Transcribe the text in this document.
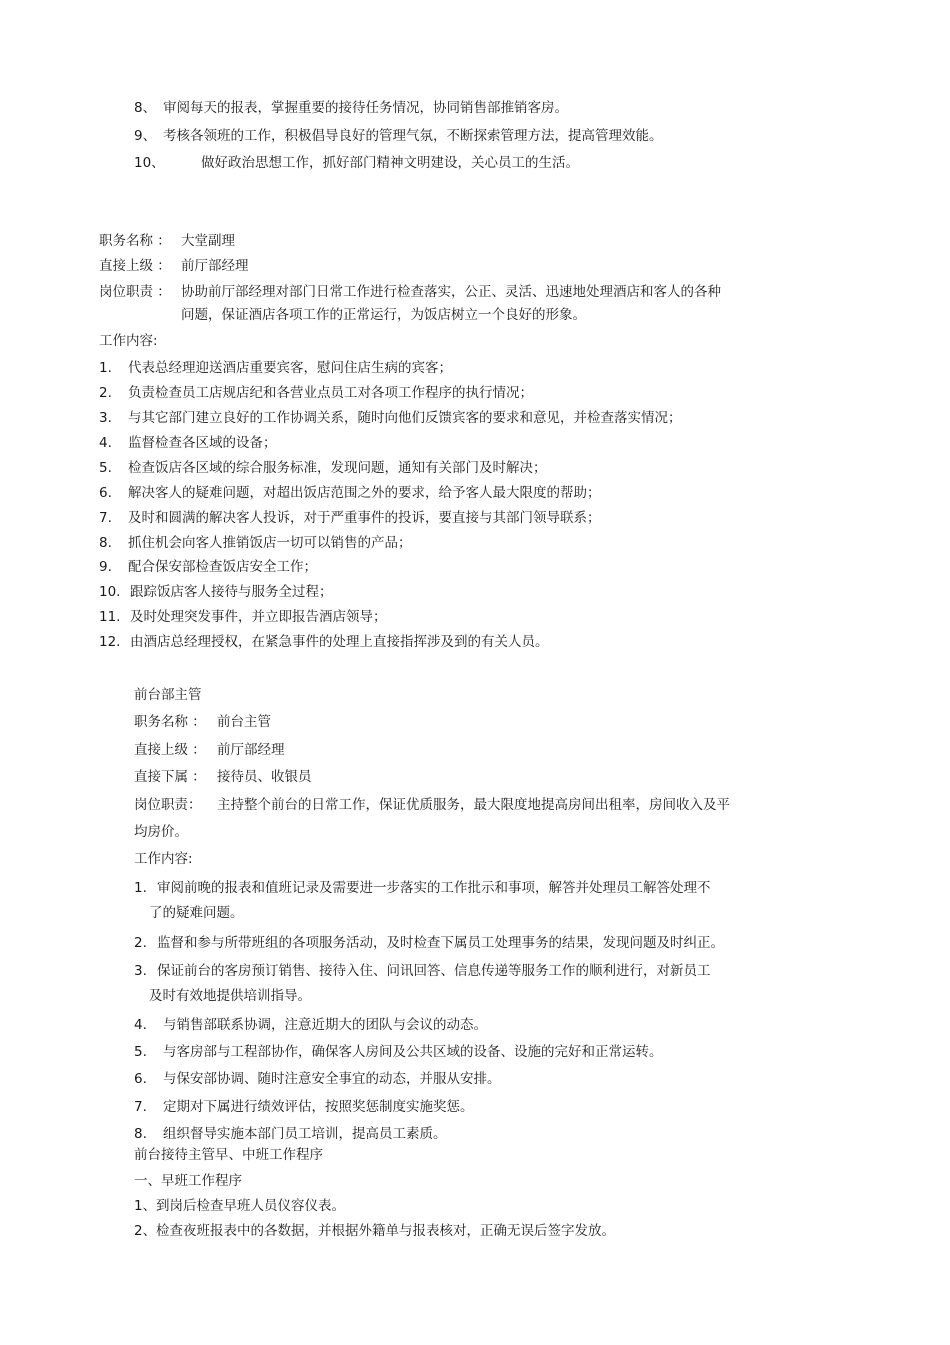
8、 审阅每天的报表，掌握重要的接待任务情况，协同销售部推销客房。
9、 考核各领班的工作，积极倡导良好的管理气氛，不断探索管理方法，提高管理效能。
10、	做好政治思想工作，抓好部门精神文明建设，关心员工的生活。
职务名称 ： 大堂副理
直接上级 ： 前厅部经理
岗位职责 ： 协助前厅部经理对部门日常工作进行检查落实，公正、灵活、迅速地处理酒店和客人的各种
问题，保证酒店各项工作的正常运行，为饭店树立一个良好的形象。
工作内容:
1. 代表总经理迎送酒店重要宾客，慰问住店生病的宾客；
2. 负责检查员工店规店纪和各营业点员工对各项工作程序的执行情况；
3. 与其它部门建立良好的工作协调关系，随时向他们反馈宾客的要求和意见，并检查落实情况；
4. 监督检查各区域的设备；
5. 检查饭店各区域的综合服务标准，发现问题，通知有关部门及时解决；
6. 解决客人的疑难问题，对超出饭店范围之外的要求，给予客人最大限度的帮助；
7. 及时和圆满的解决客人投诉，对于严重事件的投诉，要直接与其部门领导联系；
8. 抓住机会向客人推销饭店一切可以销售的产品；
9. 配合保安部检查饭店安全工作；
10. 跟踪饭店客人接待与服务全过程；
11. 及时处理突发事件，并立即报告酒店领导；
12. 由酒店总经理授权，在紧急事件的处理上直接指挥涉及到的有关人员。
前台部主管
职务名称 ： 前台主管
直接上级 ： 前厅部经理
直接下属 ： 接待员、收银员
岗位职责： 主持整个前台的日常工作，保证优质服务，最大限度地提高房间出租率，房间收入及平
均房价。
工作内容:
1. 审阅前晚的报表和值班记录及需要进一步落实的工作批示和事项，解答并处理员工解答处理不
了的疑难问题。
2. 监督和参与所带班组的各项服务活动，及时检查下属员工处理事务的结果，发现问题及时纠正。
3. 保证前台的客房预订销售、接待入住、问讯回答、信息传递等服务工作的顺利进行，对新员工
及时有效地提供培训指导。
4. 与销售部联系协调，注意近期大的团队与会议的动态。
5. 与客房部与工程部协作，确保客人房间及公共区域的设备、设施的完好和正常运转。
6. 与保安部协调、随时注意安全事宜的动态，并服从安排。
7. 定期对下属进行绩效评估，按照奖惩制度实施奖惩。
8. 组织督导实施本部门员工培训，提高员工素质。
前台接待主管早、中班工作程序
一、早班工作程序
1、到岗后检查早班人员仪容仪表。
2、检查夜班报表中的各数据，并根据外籍单与报表核对，正确无误后签字发放。
